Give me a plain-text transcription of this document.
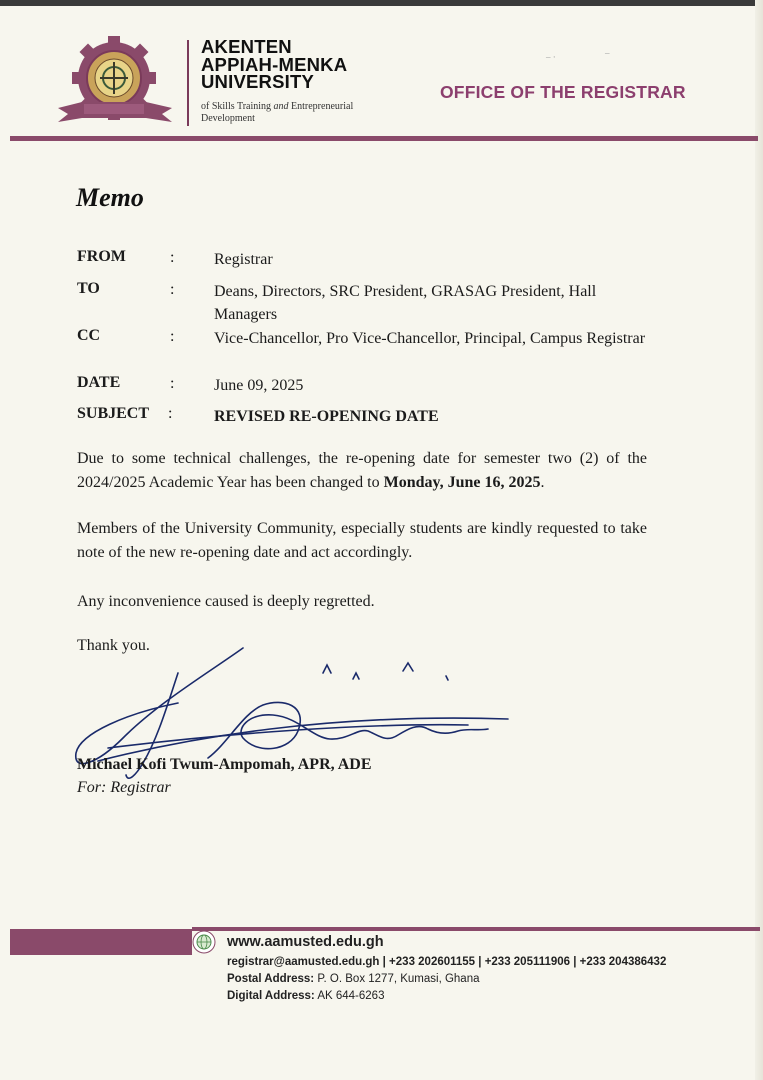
AKENTEN
APPIAH-MENKA
UNIVERSITY
of Skills Training and Entrepreneurial Development
OFFICE OF THE REGISTRAR
– ·	–
Memo
FROM	: Registrar
TO	: Deans, Directors, SRC President, GRASAG President, Hall Managers
CC	: Vice-Chancellor, Pro Vice-Chancellor, Principal, Campus Registrar
DATE	: June 09, 2025
SUBJECT :	REVISED RE-OPENING DATE
Due to some technical challenges, the re-opening date for semester two (2) of the 2024/2025 Academic Year has been changed to Monday, June 16, 2025.
Members of the University Community, especially students are kindly requested to take note of the new re-opening date and act accordingly.
Any inconvenience caused is deeply regretted.
Thank you.
Michael Kofi Twum-Ampomah, APR, ADE
For: Registrar
www.aamusted.edu.gh
registrar@aamusted.edu.gh | +233 202601155 | +233 205111906 | +233 204386432
Postal Address: P. O. Box 1277, Kumasi, Ghana
Digital Address: AK 644-6263
